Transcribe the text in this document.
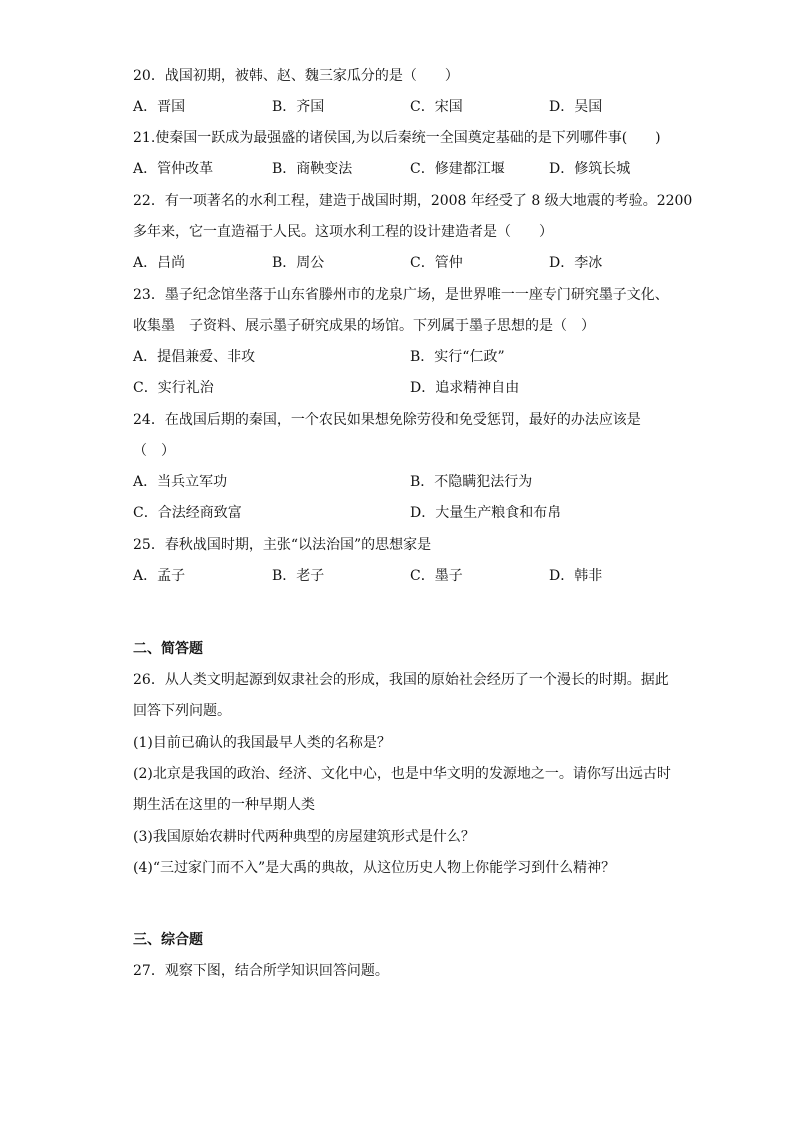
20．战国初期，被韩、赵、魏三家瓜分的是（　　）
A．晋国	B．齐国	C．宋国	D．吴国
21.使秦国一跃成为最强盛的诸侯国,为以后秦统一全国奠定基础的是下列哪件事(　　)
A．管仲改革	B．商鞅变法	C．修建都江堰	D．修筑长城
22．有一项著名的水利工程，建造于战国时期，2008 年经受了 8 级大地震的考验。2200
多年来，它一直造福于人民。这项水利工程的设计建造者是（　　）
A．吕尚	B．周公	C．管仲	D．李冰
23．墨子纪念馆坐落于山东省滕州市的龙泉广场，是世界唯一一座专门研究墨子文化、
收集墨　子资料、展示墨子研究成果的场馆。下列属于墨子思想的是（　）
A．提倡兼爱、非攻	B．实行“仁政”
C．实行礼治	D．追求精神自由
24．在战国后期的秦国，一个农民如果想免除劳役和免受惩罚，最好的办法应该是
（　）
A．当兵立军功	B．不隐瞒犯法行为
C．合法经商致富	D．大量生产粮食和布帛
25．春秋战国时期，主张“以法治国”的思想家是
A．孟子	B．老子	C．墨子	D．韩非
二、简答题
26．从人类文明起源到奴隶社会的形成，我国的原始社会经历了一个漫长的时期。据此
回答下列问题。
(1)目前已确认的我国最早人类的名称是？
(2)北京是我国的政治、经济、文化中心，也是中华文明的发源地之一。请你写出远古时
期生活在这里的一种早期人类
(3)我国原始农耕时代两种典型的房屋建筑形式是什么？
(4)“三过家门而不入”是大禹的典故，从这位历史人物上你能学习到什么精神？
三、综合题
27．观察下图，结合所学知识回答问题。
